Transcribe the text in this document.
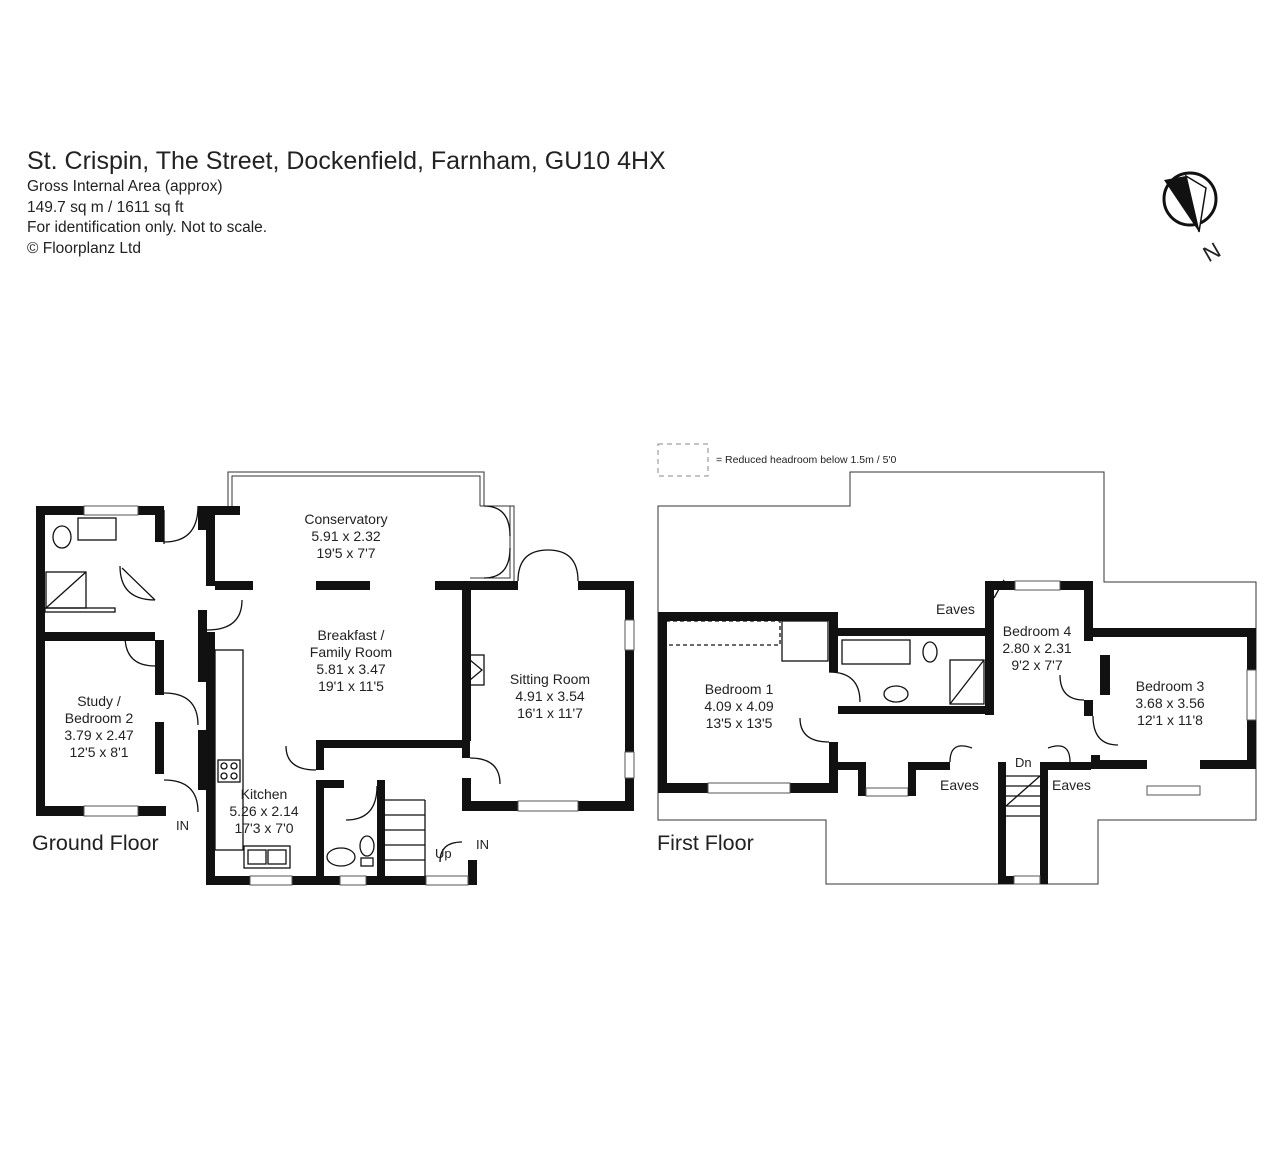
St. Crispin, The Street, Dockenfield, Farnham, GU10 4HX
Gross Internal Area (approx)
149.7 sq m / 1611 sq ft
For identification only. Not to scale.
© Floorplanz Ltd	N
= Reduced headroom below 1.5m / 5'0
Conservatory
5.91 x 2.32
19'5 x 7'7
Breakfast /
Family Room
5.81 x 3.47
19'1 x 11'5	Sitting Room
4.91 x 3.54
16'1 x 11'7
Study /
Bedroom 2
3.79 x 2.47
12'5 x 8'1
Kitchen
5.26 x 2.14
17'3 x 7'0
IN
IN
Up
Ground Floor
Bedroom 1
4.09 x 4.09
13'5 x 13'5
Bedroom 4
2.80 x 2.31
9'2 x 7'7
Bedroom 3
3.68 x 3.56
12'1 x 11'8
Eaves
Eaves	Eaves
Dn
First Floor
